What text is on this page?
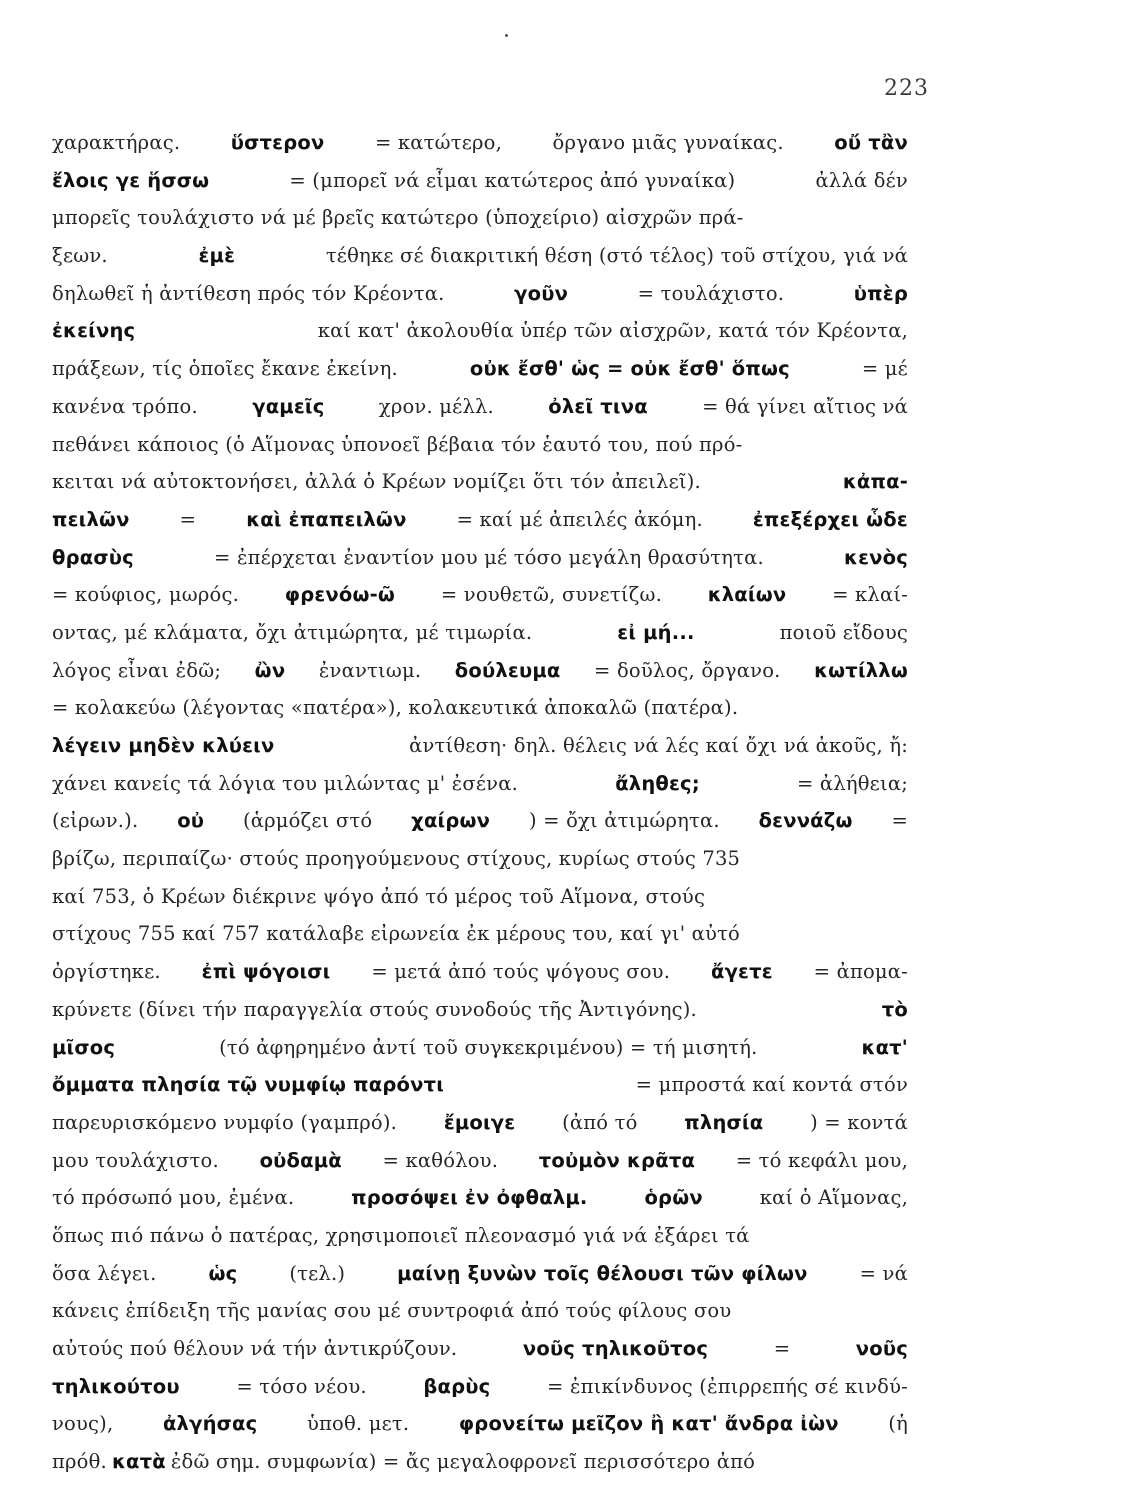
223
χαρακτήρας.	ὕστερον	= κατώτερο,	ὄργανο μιᾶς γυναίκας.	οὔ τἂν
ἔλοις γε ἥσσω	= (μπορεῖ νά εἶμαι κατώτερος ἀπό γυναίκα)	ἀλλά δέν
μπορεῖς τουλάχιστο νά μέ βρεῖς κατώτερο (ὑποχείριο) αἰσχρῶν πρά-
ξεων.	ἐμὲ	τέθηκε σέ διακριτική θέση (στό τέλος) τοῦ στίχου, γιά νά
δηλωθεῖ ἡ ἀντίθεση πρός τόν Κρέοντα.	γοῦν	= τουλάχιστο.	ὑπὲρ
ἐκείνης	καί κατ' ἀκολουθία ὑπέρ τῶν αἰσχρῶν, κατά τόν Κρέοντα,
πράξεων, τίς ὁποῖες ἔκανε ἐκείνη.	οὐκ ἔσθ' ὡς = οὐκ ἔσθ' ὅπως	= μέ
κανένα τρόπο.	γαμεῖς	χρον. μέλλ.	ὀλεῖ τινα	= θά γίνει αἴτιος νά
πεθάνει κάποιος (ὁ Αἵμονας ὑπονοεῖ βέβαια τόν ἑαυτό του, πού πρό-
κειται νά αὐτοκτονήσει, ἀλλά ὁ Κρέων νομίζει ὅτι τόν ἀπειλεῖ).	κἀπα-
πειλῶν	=	καὶ ἐπαπειλῶν	= καί μέ ἀπειλές ἀκόμη.	ἐπεξέρχει ὧδε
θρασὺς	= ἐπέρχεται ἐναντίον μου μέ τόσο μεγάλη θρασύτητα.	κενὸς
= κούφιος, μωρός. φρενόω-ῶ = νουθετῶ, συνετίζω. κλαίων = κλαί-
οντας, μέ κλάματα, ὄχι ἀτιμώρητα, μέ τιμωρία.	εἰ μή...	ποιοῦ εἴδους
λόγος εἶναι ἐδῶ; ὢν ἐναντιωμ. δούλευμα = δοῦλος, ὄργανο. κωτίλλω
= κολακεύω (λέγοντας «πατέρα»), κολακευτικά ἀποκαλῶ (πατέρα).
λέγειν μηδὲν κλύειν	ἀντίθεση· δηλ. θέλεις νά λές καί ὄχι νά ἀκοῦς, ἤ:
χάνει κανείς τά λόγια του μιλώντας μ' ἐσένα.	ἄληθες;	= ἀλήθεια;
(εἰρων.). οὐ (ἁρμόζει στό χαίρων ) = ὄχι ἀτιμώρητα. δεννάζω =
βρίζω, περιπαίζω· στούς προηγούμενους στίχους, κυρίως στούς 735
καί 753, ὁ Κρέων διέκρινε ψόγο ἀπό τό μέρος τοῦ Αἵμονα, στούς
στίχους 755 καί 757 κατάλαβε εἰρωνεία ἐκ μέρους του, καί γι' αὐτό
ὀργίστηκε. ἐπὶ ψόγοισι = μετά ἀπό τούς ψόγους σου. ἄγετε = ἀπομα-
κρύνετε (δίνει τήν παραγγελία στούς συνοδούς τῆς Ἀντιγόνης).	τὸ
μῖσος	(τό ἀφηρημένο ἀντί τοῦ συγκεκριμένου) = τή μισητή.	κατ'
ὄμματα πλησία τῷ νυμφίῳ παρόντι	= μπροστά καί κοντά στόν
παρευρισκόμενο νυμφίο (γαμπρό). ἔμοιγε (ἀπό τό πλησία ) = κοντά
μου τουλάχιστο. οὐδαμὰ = καθόλου. τοὐμὸν κρᾶτα = τό κεφάλι μου,
τό πρόσωπό μου, ἐμένα.	προσόψει ἐν ὀφθαλμ.	ὁρῶν	καί ὁ Αἵμονας,
ὅπως πιό πάνω ὁ πατέρας, χρησιμοποιεῖ πλεονασμό γιά νά ἐξάρει τά
ὅσα λέγει.	ὡς	(τελ.)	μαίνῃ ξυνὼν τοῖς θέλουσι τῶν φίλων	= νά
κάνεις ἐπίδειξη τῆς μανίας σου μέ συντροφιά ἀπό τούς φίλους σου
αὐτούς πού θέλουν νά τήν ἀντικρύζουν.	νοῦς τηλικοῦτος	=	νοῦς
τηλικούτου	= τόσο νέου.	βαρὺς	= ἐπικίνδυνος (ἐπιρρεπής σέ κινδύ-
νους),	ἀλγήσας	ὑποθ. μετ.	φρονείτω μεῖζον ἢ κατ' ἄνδρα ἰὼν	(ἡ
πρόθ. κατὰ ἐδῶ σημ. συμφωνία) = ἄς μεγαλοφρονεῖ περισσότερο ἀπό
